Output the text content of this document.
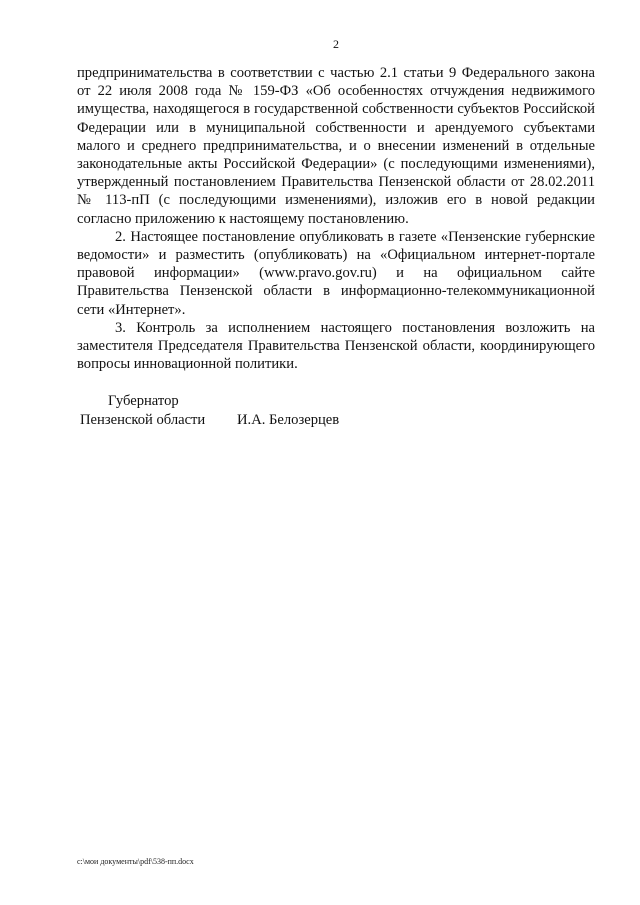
2

предпринимательства в соответствии с частью 2.1 статьи 9 Федерального закона от 22 июля 2008 года № 159-ФЗ «Об особенностях отчуждения недвижимого имущества, находящегося в государственной собственности субъектов Российской Федерации или в муниципальной собственности и арендуемого субъектами малого и среднего предпринимательства, и о внесении изменений в отдельные законодательные акты Российской Федерации» (с последующими изменениями), утвержденный постановлением Правительства Пензенской области от 28.02.2011 № 113-пП (с последующими изменениями), изложив его в новой редакции согласно приложению к настоящему постановлению.

2. Настоящее постановление опубликовать в газете «Пензенские губернские ведомости» и разместить (опубликовать) на «Официальном интернет-портале правовой информации» (www.pravo.gov.ru) и на официальном сайте Правительства Пензенской области в информационно-телекоммуникационной сети «Интернет».

3. Контроль за исполнением настоящего постановления возложить на заместителя Председателя Правительства Пензенской области, координирующего вопросы инновационной политики.

Губернатор
Пензенской области И.А. Белозерцев
c:\мои документы\pdf\538-пп.docx
